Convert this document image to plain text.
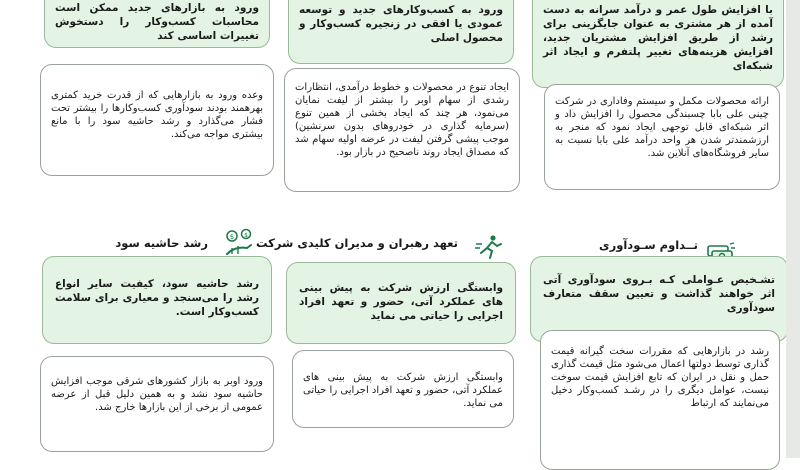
با افزایش طول عمر و درآمد سرانه به دست آمده از هر مشتری به عنوان جایگزینی برای رشد از طریق افزایش مشتریان جدید، افزایش هزینه‌های تغییر پلتفرم و ایجاد اثر شبکه‌ای
ارائه محصولات مکمل و سیستم وفاداری در شرکت چینی علی بابا چسبندگی محصول را افزایش داد و اثر شبکه‌ای قابل توجهی ایجاد نمود که منجر به ارزشمندتر شدن هر واحد درآمد علی بابا نسبت به سایر فروشگاه‌های آنلاین شد.
تــداوم سـودآوری
تشـخیص عـواملی کـه بـروی سودآوری آتی اثر خواهند گذاشت و تعیین سقف متعارف سودآوری
رشد در بازارهایی که مقررات سخت گیرانه قیمت گذاری توسط دولتها اعمال می‌شود مثل قیمت گذاری حمل و نقل در ایران که تابع افزایش قیمت سوخت نیست، عوامل دیگری را در رشـد کسب‌وکار دخیل می‌نمایند که ارتباط
ورود به کسب‌وکارهای جدید و توسعه عمودی یا افقی در زنجیره کسب‌وکار و محصول اصلی
ایجاد تنوع در محصولات و خطوط درآمدی، انتظارات رشدی از سهام اوبر را بیشتر از لیفت نمایان می‌نمود، هر چند که ایجاد بخشی از همین تنوع (سرمایه گذاری در خودروهای بدون سرنشین) موجب پیشی گرفتن لیفت در عرضه اولیه سهام شد که مصداق ایجاد روند ناصحیح در بازار بود.
تعهد رهبران و مدیران کلیدی شرکت
وابستگی ارزش شرکت به پیش بینی های عملکرد آتی، حضور و تعهد افراد اجرایی را حیاتی می نماید
وابستگی ارزش شرکت به پیش بینی های عملکرد آتی، حضور و تعهد افراد اجرایی را حیاتی می نماید.
ورود به بازارهای جدید ممکن است محاسبات کسب‌وکار را دستخوش تغییرات اساسی کند
وعده ورود به بازارهایی که از قدرت خرید کمتری بهرهمند بودند سودآوری کسب‌وکارها را بیشتر تحت فشار می‌گذارد و رشد حاشیه سود را با مانع بیشتری مواجه می‌کند.
$ $
رشد حاشیه سود
رشد حاشیه سود، کیفیت سایر انواع رشد را می‌سنجد و معیاری برای سلامت کسب‌وکار است.
ورود اوبر به بازار کشورهای شرقی موجب افزایش حاشیه سود نشد و به همین دلیل قبل از عرضه عمومی از برخی از این بازارها خارج شد.
